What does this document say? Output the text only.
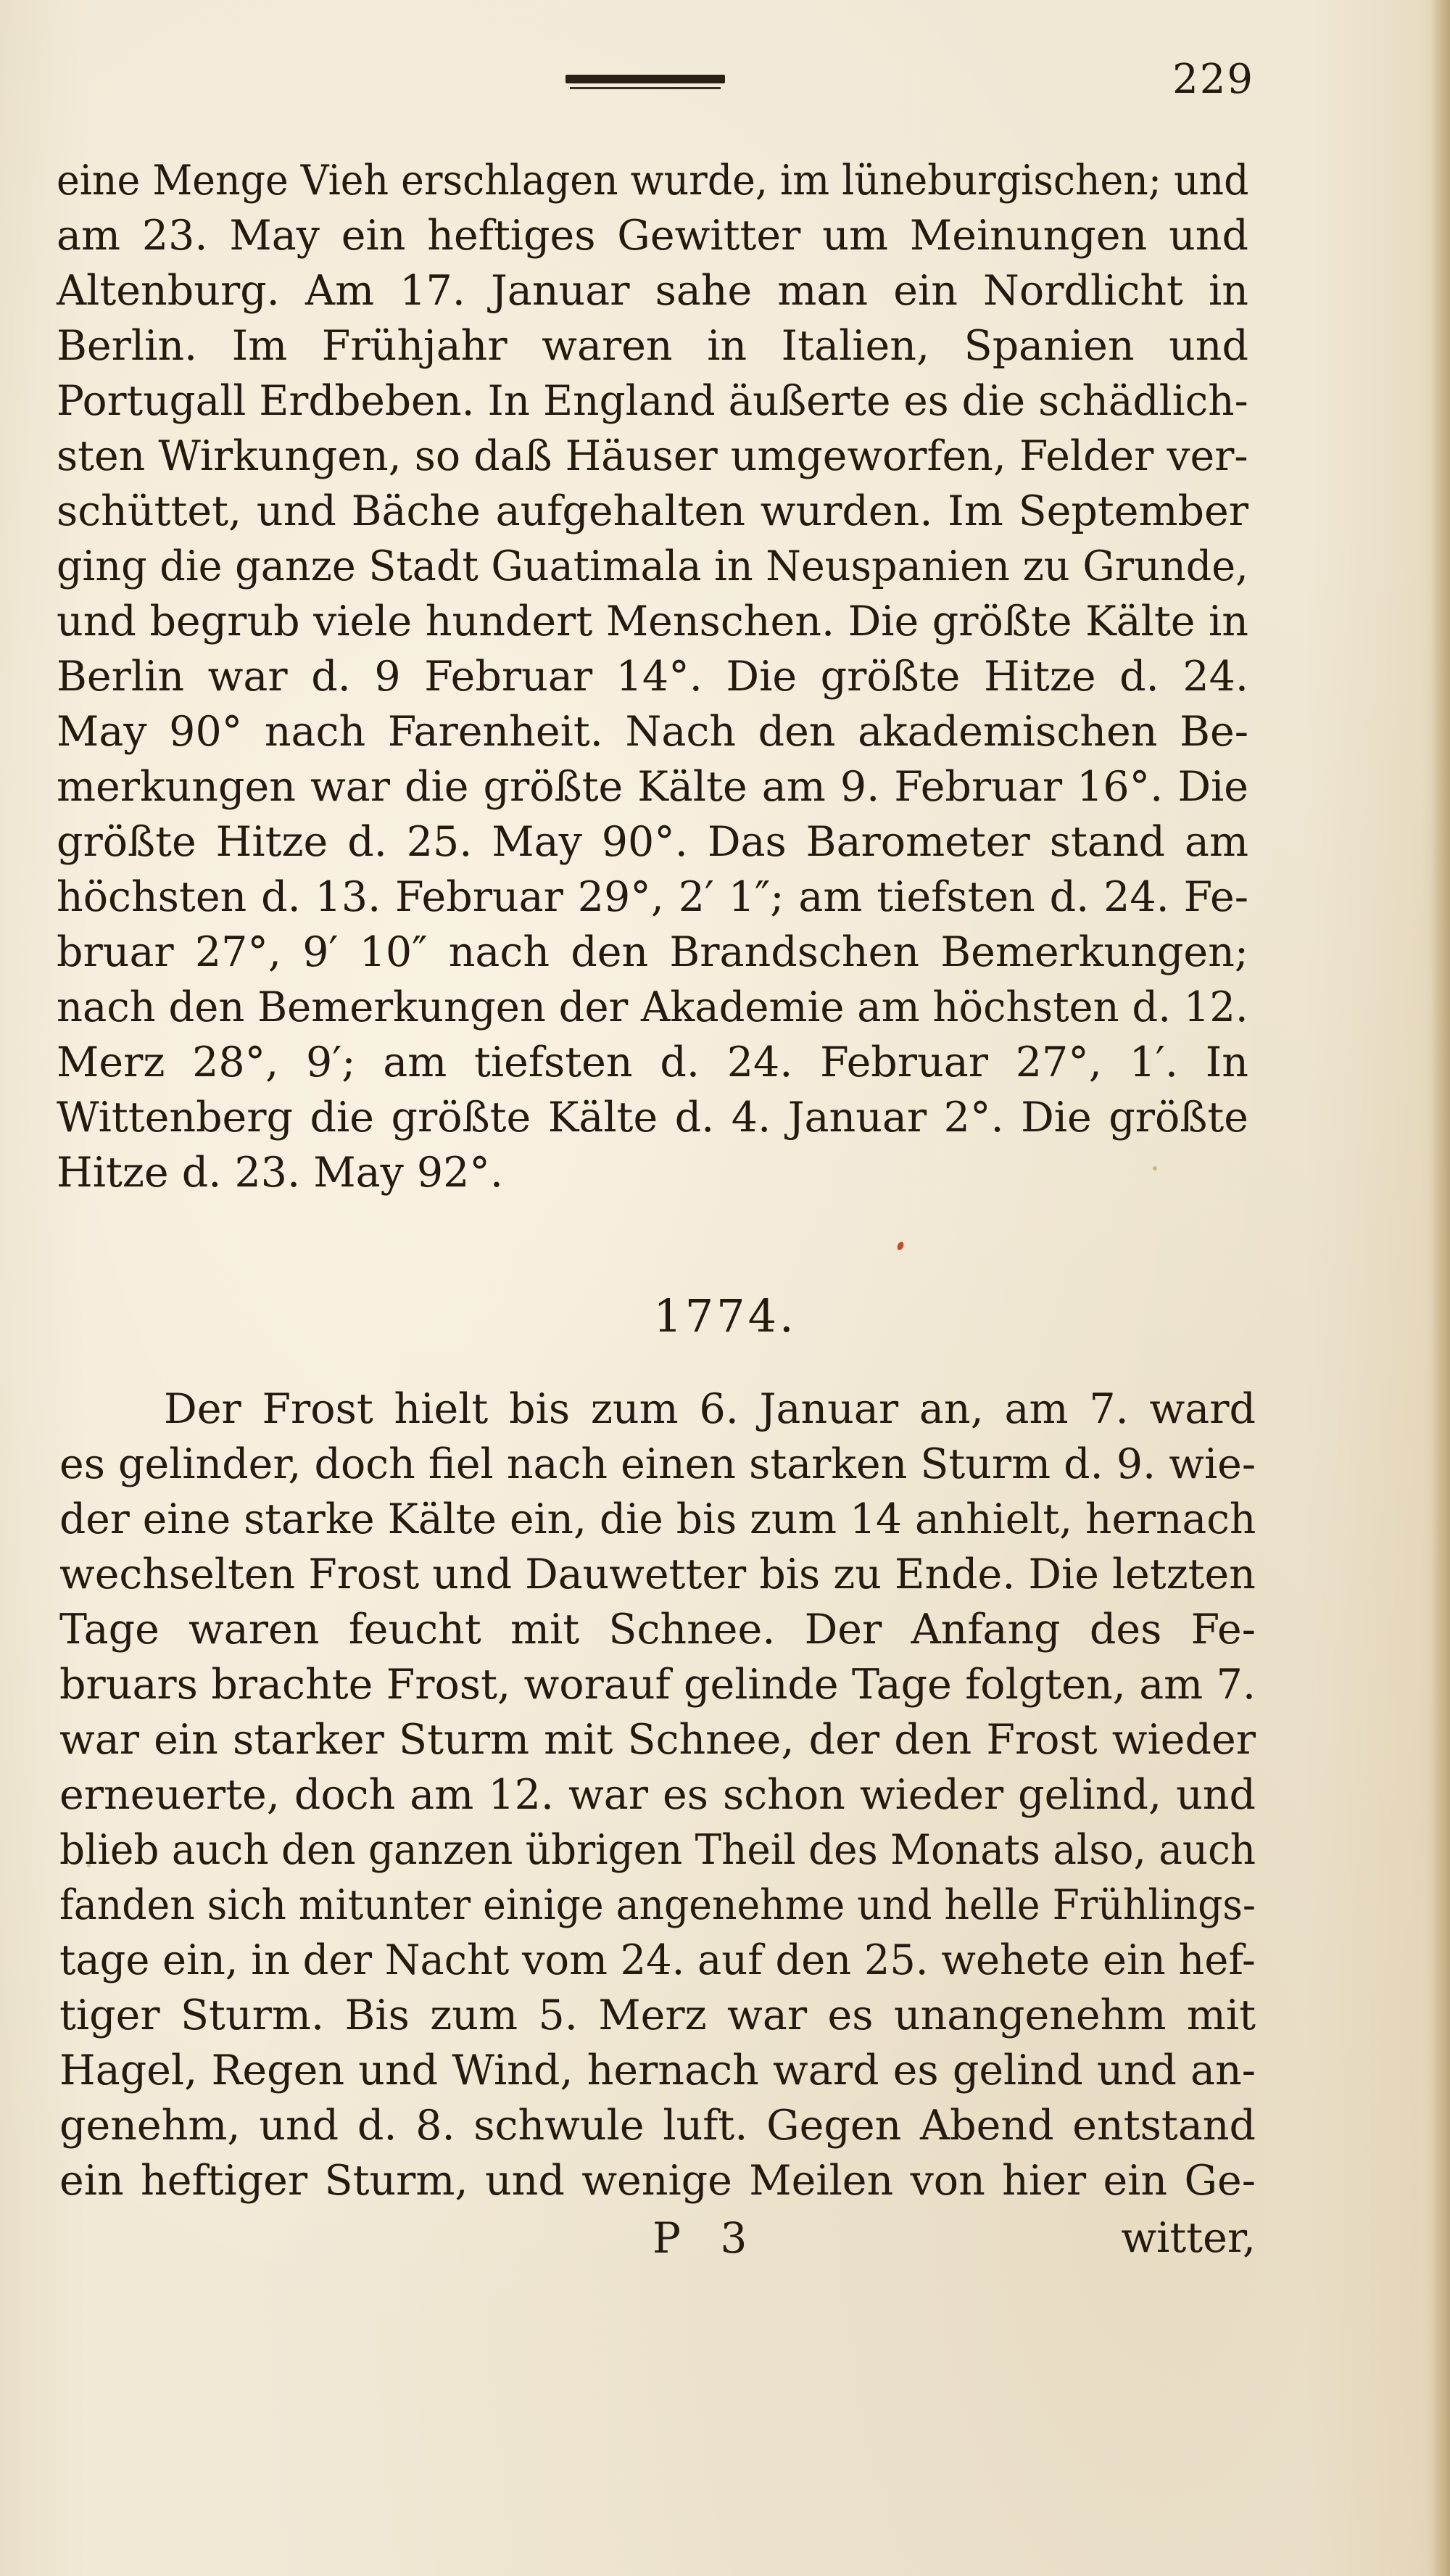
229
eine Menge Vieh erschlagen wurde, im lüneburgischen; und
am 23. May ein heftiges Gewitter um Meinungen und
Altenburg. Am 17. Januar sahe man ein Nordlicht in
Berlin. Im Frühjahr waren in Italien, Spanien und
Portugall Erdbeben. In England äußerte es die schädlich-
sten Wirkungen, so daß Häuser umgeworfen, Felder ver-
schüttet, und Bäche aufgehalten wurden. Im September
ging die ganze Stadt Guatimala in Neuspanien zu Grunde,
und begrub viele hundert Menschen. Die größte Kälte in
Berlin war d. 9 Februar 14°. Die größte Hitze d. 24.
May 90° nach Farenheit. Nach den akademischen Be-
merkungen war die größte Kälte am 9. Februar 16°. Die
größte Hitze d. 25. May 90°. Das Barometer stand am
höchsten d. 13. Februar 29°, 2′ 1″; am tiefsten d. 24. Fe-
bruar 27°, 9′ 10″ nach den Brandschen Bemerkungen;
nach den Bemerkungen der Akademie am höchsten d. 12.
Merz 28°, 9′; am tiefsten d. 24. Februar 27°, 1′. In
Wittenberg die größte Kälte d. 4. Januar 2°. Die größte
Hitze d. 23. May 92°.
1774.
Der Frost hielt bis zum 6. Januar an, am 7. ward
es gelinder, doch fiel nach einen starken Sturm d. 9. wie-
der eine starke Kälte ein, die bis zum 14 anhielt, hernach
wechselten Frost und Dauwetter bis zu Ende. Die letzten
Tage waren feucht mit Schnee. Der Anfang des Fe-
bruars brachte Frost, worauf gelinde Tage folgten, am 7.
war ein starker Sturm mit Schnee, der den Frost wieder
erneuerte, doch am 12. war es schon wieder gelind, und
blieb auch den ganzen übrigen Theil des Monats also, auch
fanden sich mitunter einige angenehme und helle Frühlings-
tage ein, in der Nacht vom 24. auf den 25. wehete ein hef-
tiger Sturm. Bis zum 5. Merz war es unangenehm mit
Hagel, Regen und Wind, hernach ward es gelind und an-
genehm, und d. 8. schwule luft. Gegen Abend entstand
ein heftiger Sturm, und wenige Meilen von hier ein Ge-
P 3	witter,
